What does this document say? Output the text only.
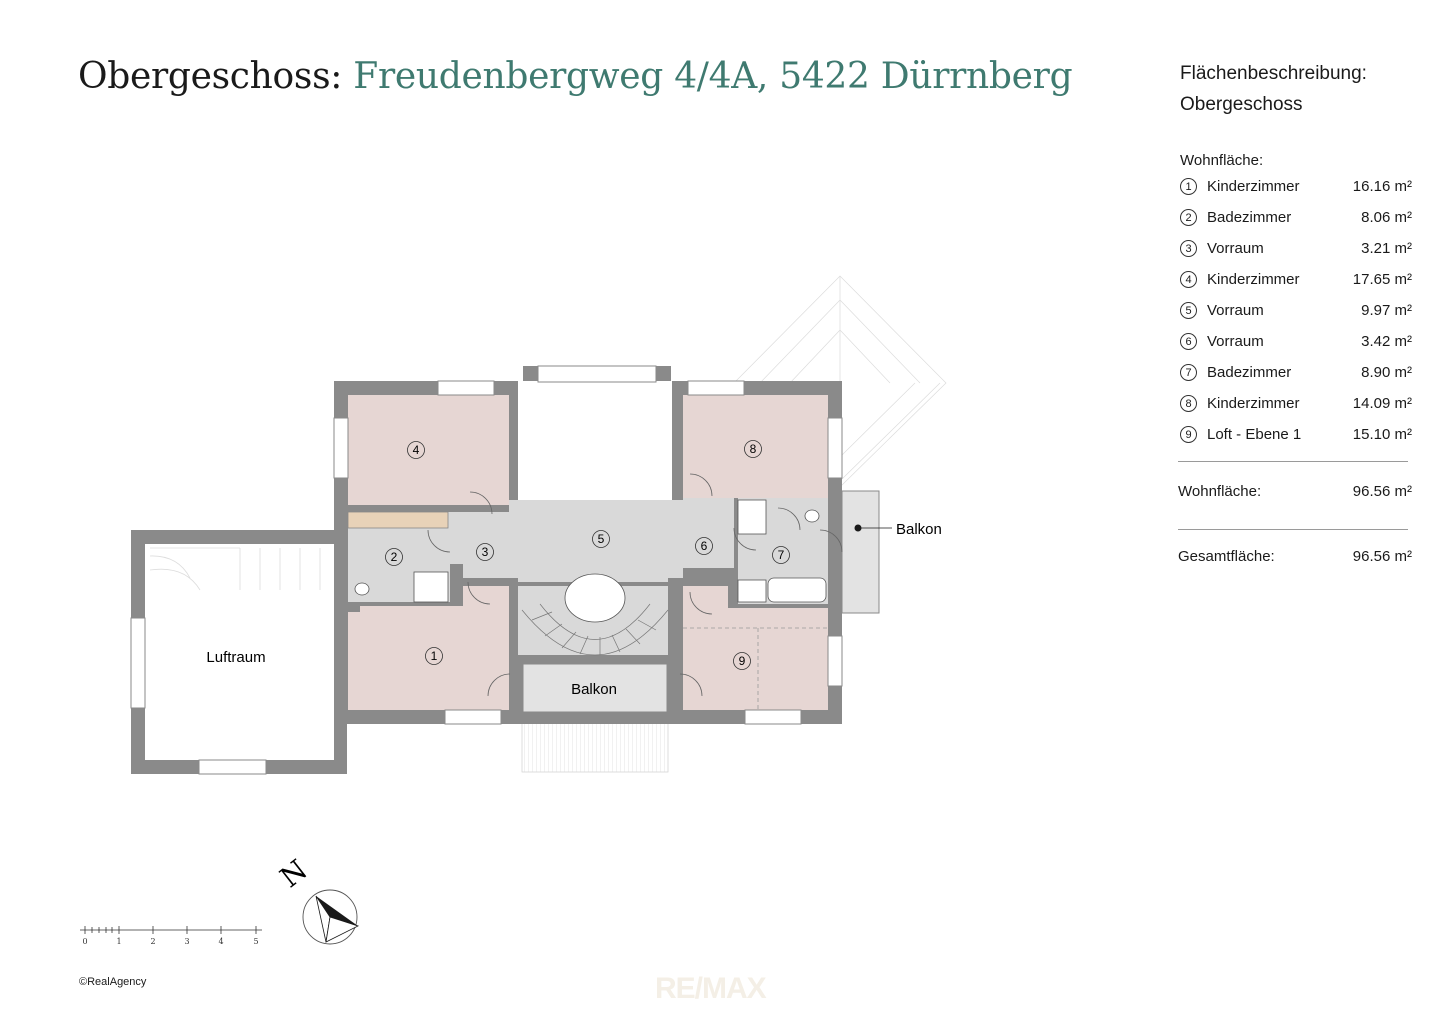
Obergeschoss: Freudenbergweg 4/4A, 5422 Dürrnberg
1
2	3
4
5	6
7
8
9
Luftraum
Balkon
Balkon
N
0	1	2	3	4	5
Flächenbeschreibung:
Obergeschoss
Wohnfläche:
1	Kinderzimmer	16.16 m²
2	Badezimmer	8.06 m²
3	Vorraum	3.21 m²
4	Kinderzimmer	17.65 m²
5	Vorraum	9.97 m²
6	Vorraum	3.42 m²
7	Badezimmer	8.90 m²
8	Kinderzimmer	14.09 m²
9	Loft - Ebene 1	15.10 m²
Wohnfläche:	96.56 m²
Gesamtfläche:	96.56 m²
©RealAgency	RE/MAX
